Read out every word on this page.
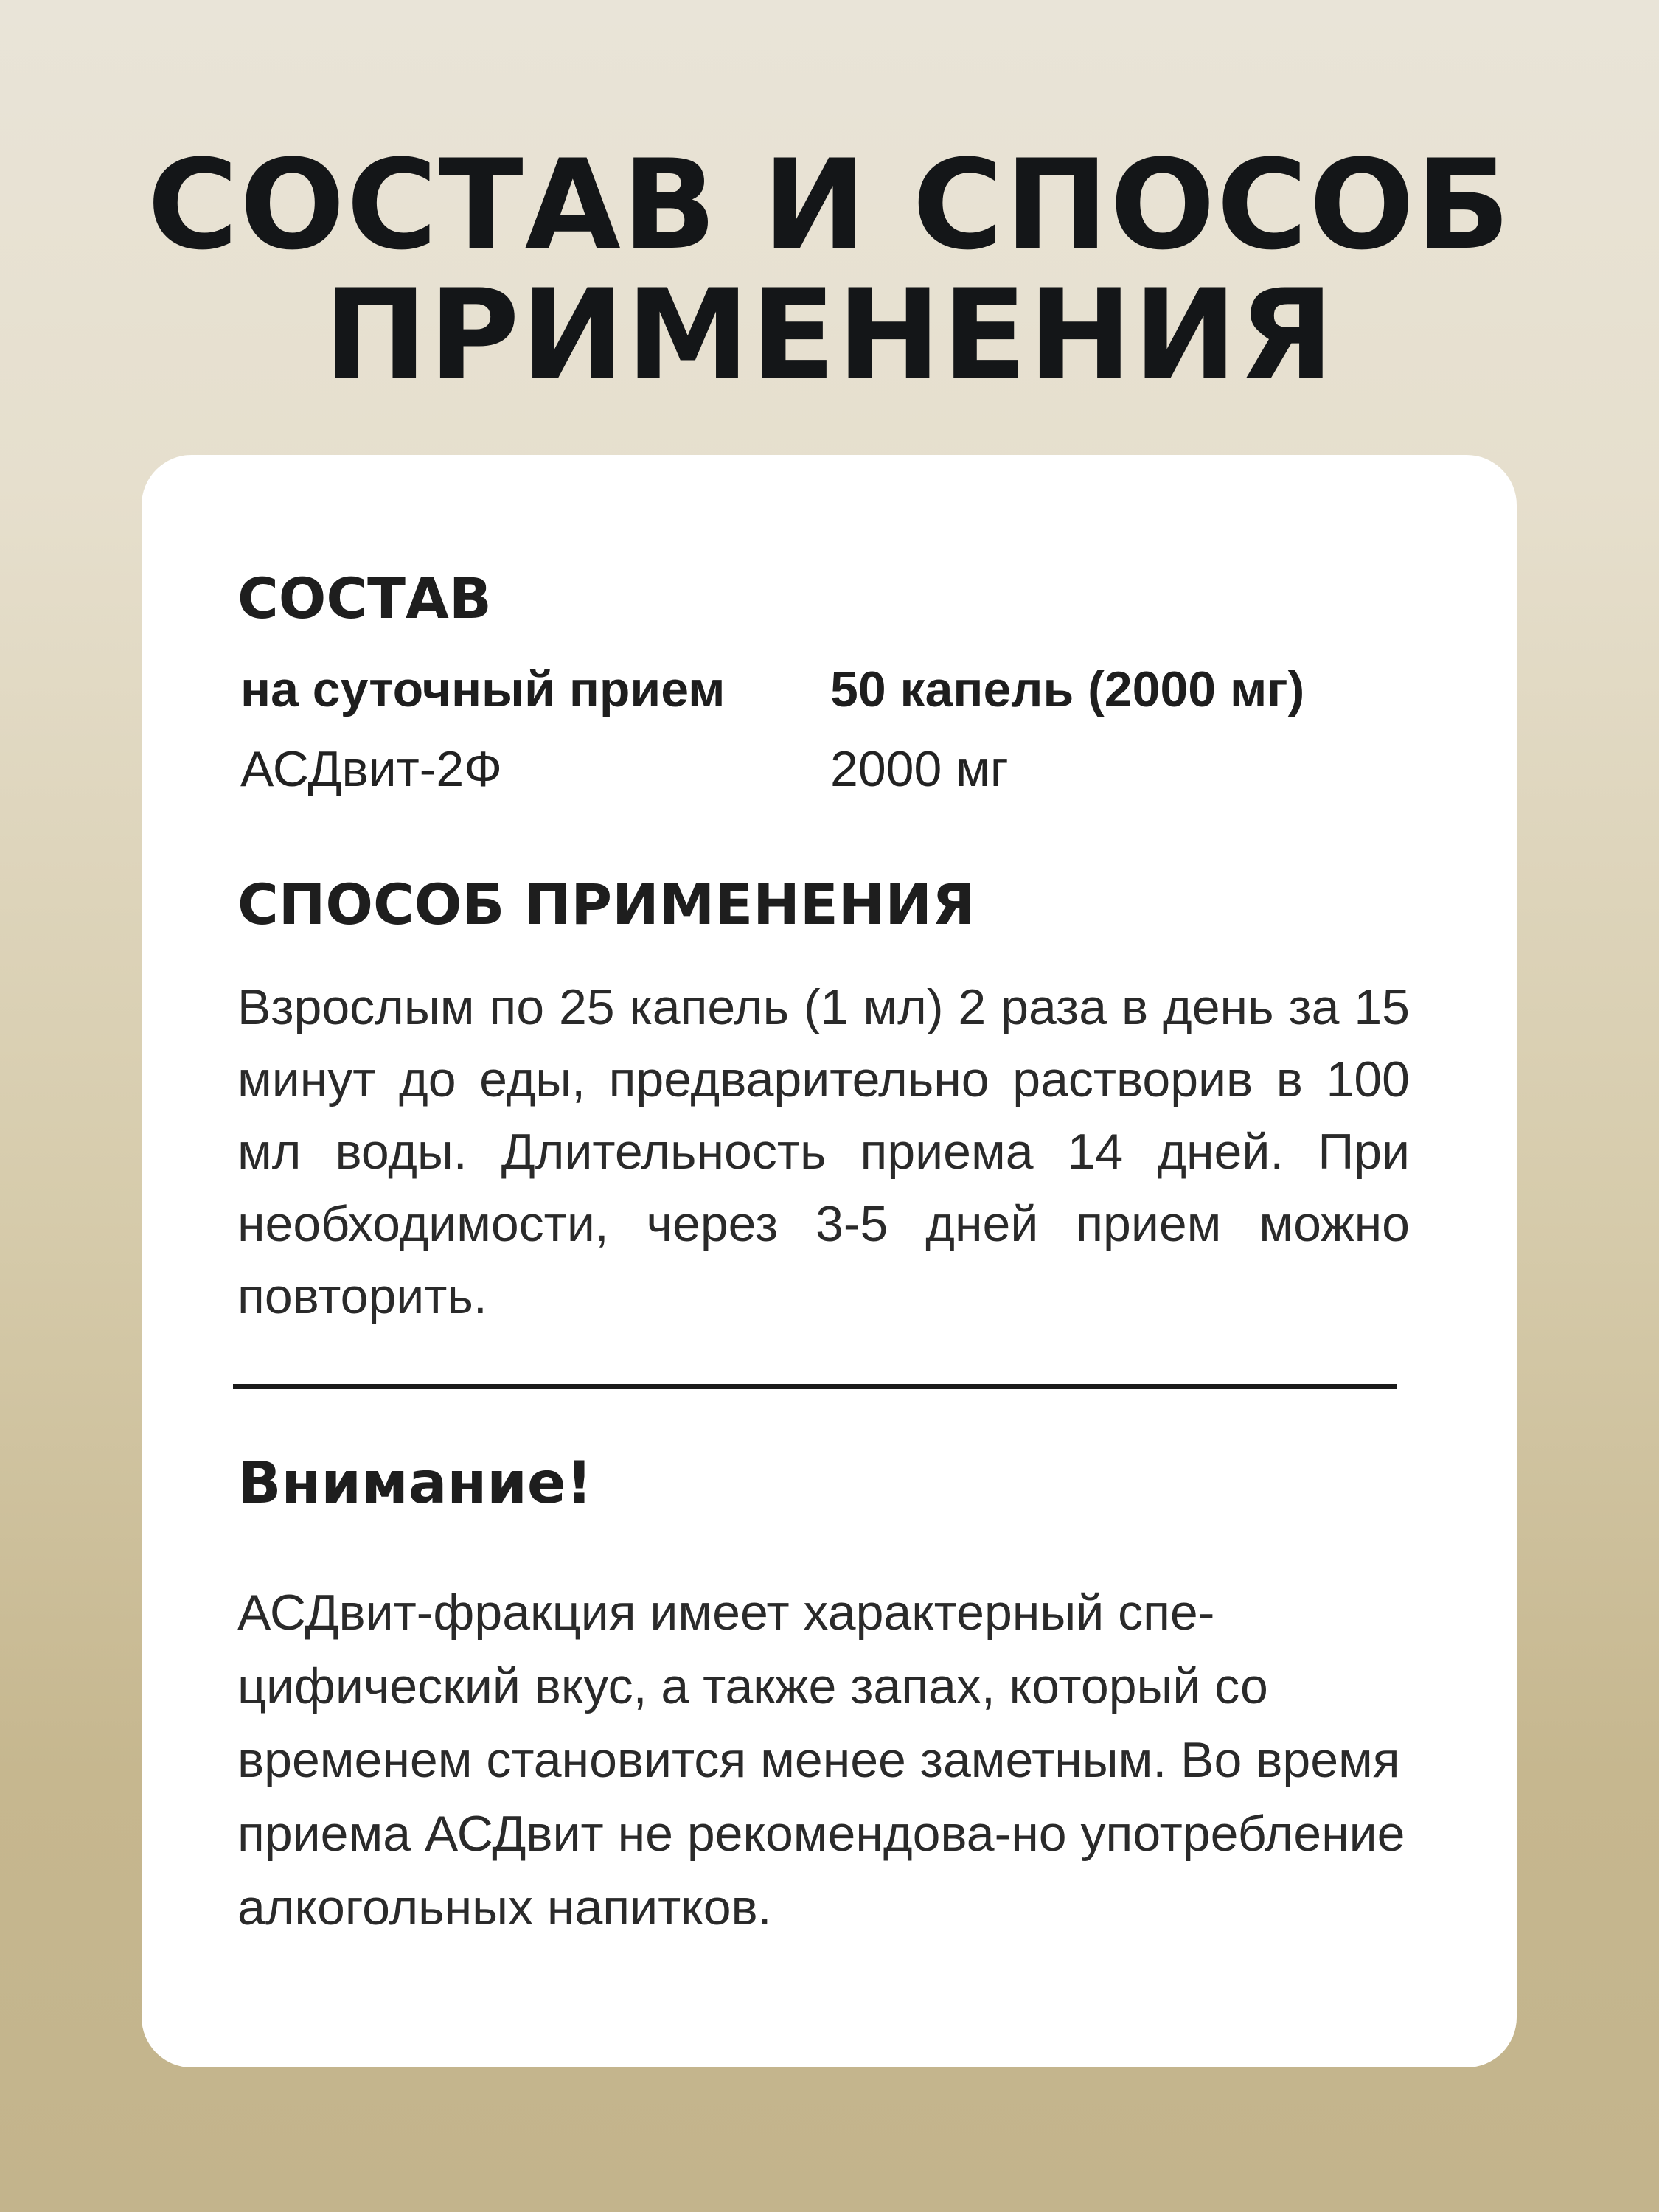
СОСТАВ И СПОСОБ
ПРИМЕНЕНИЯ
СОСТАВ
на суточный прием 50 капель (2000 мг)
АСДвит-2Ф	2000 мг
СПОСОБ ПРИМЕНЕНИЯ

Взрослым по 25 капель (1 мл) 2 раза в день за 15 минут до еды, предварительно растворив в 100 мл воды. Длительность приема 14 дней. При необходимости, через 3-5 дней прием можно повторить.

Внимание!

АСДвит-фракция имеет характерный спе-цифический вкус, а также запах, который со временем становится менее заметным. Во время приема АСДвит не рекомендова-но употребление алкогольных напитков.
